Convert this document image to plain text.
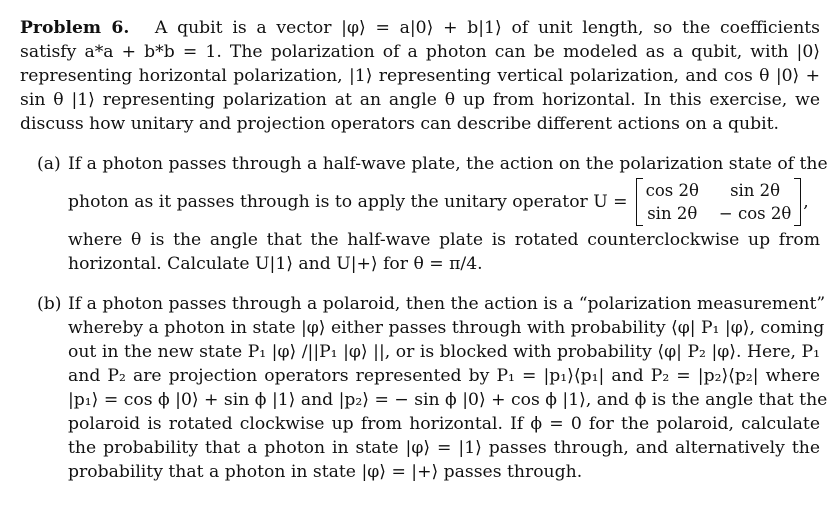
Problem 6. A qubit is a vector |φ⟩ = a|0⟩ + b|1⟩ of unit length, so the coefficients
satisfy a*a + b*b = 1. The polarization of a photon can be modeled as a qubit, with |0⟩
representing horizontal polarization, |1⟩ representing vertical polarization, and cos θ |0⟩ +
sin θ |1⟩ representing polarization at an angle θ up from horizontal. In this exercise, we
discuss how unitary and projection operators can describe different actions on a qubit.
(a) If a photon passes through a half-wave plate, the action on the polarization state of the
photon as it passes through is to apply the unitary operator U =
cos 2θ	sin 2θ
sin 2θ − cos 2θ
,
where θ is the angle that the half-wave plate is rotated counterclockwise up from
horizontal. Calculate U|1⟩ and U|+⟩ for θ = π/4.
(b) If a photon passes through a polaroid, then the action is a “polarization measurement”
whereby a photon in state |φ⟩ either passes through with probability ⟨φ| P₁ |φ⟩, coming
out in the new state P₁ |φ⟩ /||P₁ |φ⟩ ||, or is blocked with probability ⟨φ| P₂ |φ⟩. Here, P₁
and P₂ are projection operators represented by P₁ = |p₁⟩⟨p₁| and P₂ = |p₂⟩⟨p₂| where
|p₁⟩ = cos ϕ |0⟩ + sin ϕ |1⟩ and |p₂⟩ = − sin ϕ |0⟩ + cos ϕ |1⟩, and ϕ is the angle that the
polaroid is rotated clockwise up from horizontal. If ϕ = 0 for the polaroid, calculate
the probability that a photon in state |φ⟩ = |1⟩ passes through, and alternatively the
probability that a photon in state |φ⟩ = |+⟩ passes through.
